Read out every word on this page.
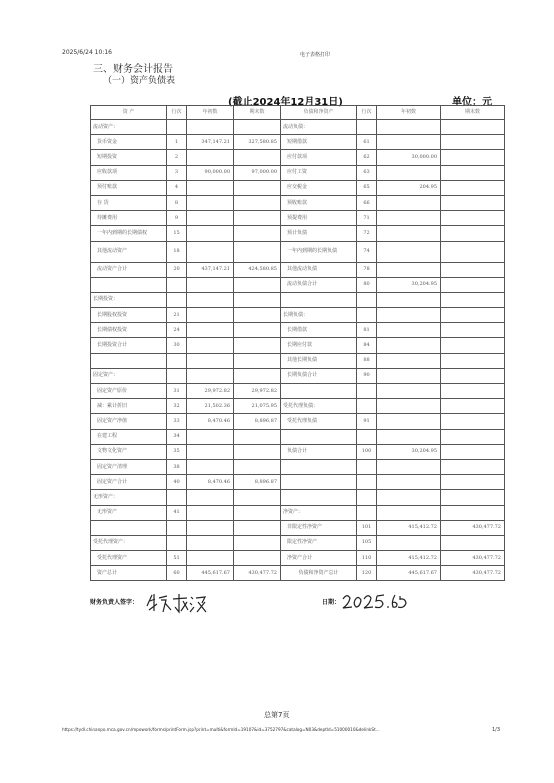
2025/6/24 10:16	电子表格打印
三、财务会计报告
（一）资产负债表
(截止2024年12月31日)	单位：元
资 产	行次	年初数	期末数	负债和净资产	行次	年初数	期末数
流动资产：				流动负债：			
货币资金	1	347,147.21	327,580.85	短期借款	61		
短期投资	2			应付款项	62	30,000.00	
应收款项	3	90,000.00	97,000.00	应付工资	63		
预付账款	4			应交税金	65	204.95	
存 货	8			预收账款	66		
待摊费用	9			预提费用	71		
一年内到期的长期债权	15			预计负债	72		
其他流动资产	18			一年内到期的长期负债	74		
流动资产合计	20	437,147.21	424,580.85	其他流动负债	78		
				流动负债合计	80	30,204.95	
长期投资：							
长期股权投资	21			长期负债：			
长期债权投资	24			长期借款	81		
长期投资合计	30			长期应付款	84		
				其他长期负债	88		
固定资产：				长期负债合计	90		
固定资产原价	31	29,972.82	29,972.82				
减：累计折旧	32	21,502.36	21,075.95	受托代理负债：			
固定资产净值	33	8,470.46	8,896.87	受托代理负债	91		
在建工程	34						
文物文化资产	35			负债合计	100	30,204.95	
固定资产清理	38						
固定资产合计	40	8,470.46	8,896.87				
无形资产：							
无形资产	41			净资产：			
				非限定性净资产	101	415,412.72	430,477.72
受托代理资产：				限定性净资产	105		
受托代理资产	51			净资产合计	110	415,412.72	430,477.72
资产总计	60	445,617.67	430,477.72	负债和净资产总计	120	445,617.67	430,477.72
财务负责人签字：	日期：
总第7页
https://tydl.chinanpo.mca.gov.cn/mpowork/forms/printForm.jsp?print=multi&formId=19107&id=3752797&catalog=N03&deptId=51000010&delinkSt...	1/3
